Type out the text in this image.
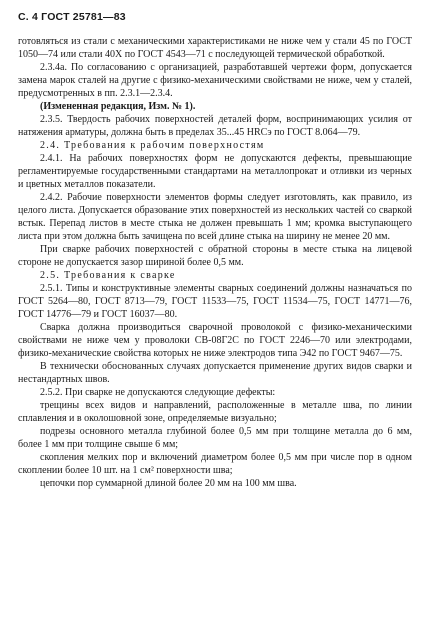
С. 4 ГОСТ 25781—83

готовляться из стали с механическими характеристиками не ниже чем у стали 45 по ГОСТ 1050—74 или стали 40Х по ГОСТ 4543—71 с последующей термической обработкой.

2.3.4а. По согласованию с организацией, разработавшей чертежи форм, допускается замена марок сталей на другие с физико-механическими свойствами не ниже, чем у сталей, предусмотренных в пп. 2.3.1—2.3.4.

(Измененная редакция, Изм. № 1).

2.3.5. Твердость рабочих поверхностей деталей форм, воспринимающих усилия от натяжения арматуры, должна быть в пределах 35...45 HRCэ по ГОСТ 8.064—79.

2.4. Требования к рабочим поверхностям

2.4.1. На рабочих поверхностях форм не допускаются дефекты, превышающие регламентируемые государственными стандартами на металлопрокат и отливки из черных и цветных металлов показатели.

2.4.2. Рабочие поверхности элементов формы следует изготовлять, как правило, из целого листа. Допускается образование этих поверхностей из нескольких частей со сваркой встык. Перепад листов в месте стыка не должен превышать 1 мм; кромка выступающего листа при этом должна быть зачищена по всей длине стыка на ширину не менее 20 мм.

При сварке рабочих поверхностей с обратной стороны в месте стыка на лицевой стороне не допускается зазор шириной более 0,5 мм.

2.5. Требования к сварке

2.5.1. Типы и конструктивные элементы сварных соединений должны назначаться по ГОСТ 5264—80, ГОСТ 8713—79, ГОСТ 11533—75, ГОСТ 11534—75, ГОСТ 14771—76, ГОСТ 14776—79 и ГОСТ 16037—80.

Сварка должна производиться сварочной проволокой с физико-механическими свойствами не ниже чем у проволоки СВ-08Г2С по ГОСТ 2246—70 или электродами, физико-механические свойства которых не ниже электродов типа Э42 по ГОСТ 9467—75.

В технически обоснованных случаях допускается применение других видов сварки и нестандартных швов.

2.5.2. При сварке не допускаются следующие дефекты:

трещины всех видов и направлений, расположенные в металле шва, по линии сплавления и в околошовной зоне, определяемые визуально;

подрезы основного металла глубиной более 0,5 мм при толщине металла до 6 мм, более 1 мм при толщине свыше 6 мм;

скопления мелких пор и включений диаметром более 0,5 мм при числе пор в одном скоплении более 10 шт. на 1 см² поверхности шва;

цепочки пор суммарной длиной более 20 мм на 100 мм шва.
